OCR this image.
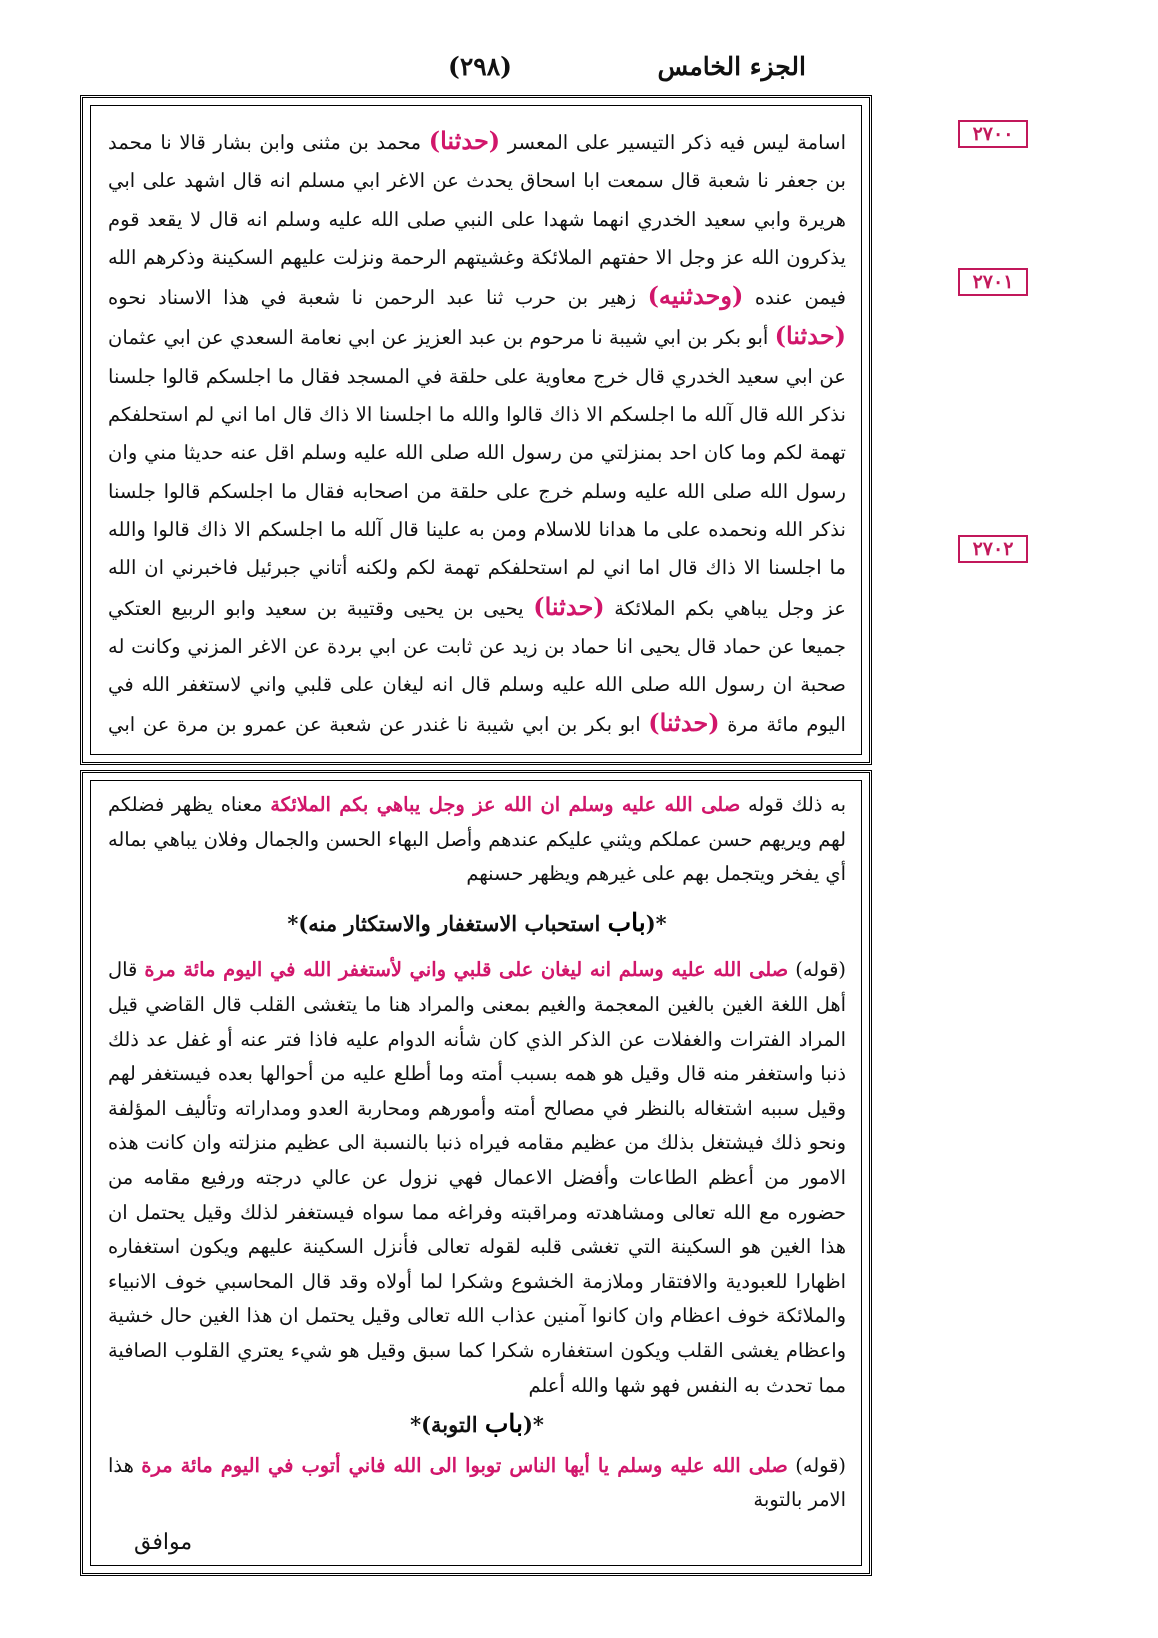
الجزء الخامس
(٢٩٨)
٢٧٠٠
٢٧٠١
٢٧٠٢
اسامة ليس فيه ذكر التيسير على المعسر (حدثنا) محمد بن مثنى وابن بشار قالا نا محمد بن جعفر نا شعبة قال سمعت ابا اسحاق يحدث عن الاغر ابي مسلم انه قال اشهد على ابي هريرة وابي سعيد الخدري انهما شهدا على النبي صلى الله عليه وسلم انه قال لا يقعد قوم يذكرون الله عز وجل الا حفتهم الملائكة وغشيتهم الرحمة ونزلت عليهم السكينة وذكرهم الله فيمن عنده (وحدثنيه) زهير بن حرب ثنا عبد الرحمن نا شعبة في هذا الاسناد نحوه (حدثنا) أبو بكر بن ابي شيبة نا مرحوم بن عبد العزيز عن ابي نعامة السعدي عن ابي عثمان عن ابي سعيد الخدري قال خرج معاوية على حلقة في المسجد فقال ما اجلسكم قالوا جلسنا نذكر الله قال آلله ما اجلسكم الا ذاك قالوا والله ما اجلسنا الا ذاك قال اما اني لم استحلفكم تهمة لكم وما كان احد بمنزلتي من رسول الله صلى الله عليه وسلم اقل عنه حديثا مني وان رسول الله صلى الله عليه وسلم خرج على حلقة من اصحابه فقال ما اجلسكم قالوا جلسنا نذكر الله ونحمده على ما هدانا للاسلام ومن به علينا قال آلله ما اجلسكم الا ذاك قالوا والله ما اجلسنا الا ذاك قال اما اني لم استحلفكم تهمة لكم ولكنه أتاني جبرئيل فاخبرني ان الله عز وجل يباهي بكم الملائكة (حدثنا) يحيى بن يحيى وقتيبة بن سعيد وابو الربيع العتكي جميعا عن حماد قال يحيى انا حماد بن زيد عن ثابت عن ابي بردة عن الاغر المزني وكانت له صحبة ان رسول الله صلى الله عليه وسلم قال انه ليغان على قلبي واني لاستغفر الله في اليوم مائة مرة (حدثنا) ابو بكر بن ابي شيبة نا غندر عن شعبة عن عمرو بن مرة عن ابي

به ذلك قوله صلى الله عليه وسلم ان الله عز وجل يباهي بكم الملائكة معناه يظهر فضلكم لهم ويريهم حسن عملكم ويثني عليكم عندهم وأصل البهاء الحسن والجمال وفلان يباهي بماله أي يفخر ويتجمل بهم على غيرهم ويظهر حسنهم

*(باب استحباب الاستغفار والاستكثار منه)*

(قوله) صلى الله عليه وسلم انه ليغان على قلبي واني لأستغفر الله في اليوم مائة مرة قال أهل اللغة الغين بالغين المعجمة والغيم بمعنى والمراد هنا ما يتغشى القلب قال القاضي قيل المراد الفترات والغفلات عن الذكر الذي كان شأنه الدوام عليه فاذا فتر عنه أو غفل عد ذلك ذنبا واستغفر منه قال وقيل هو همه بسبب أمته وما أطلع عليه من أحوالها بعده فيستغفر لهم وقيل سببه اشتغاله بالنظر في مصالح أمته وأمورهم ومحاربة العدو ومداراته وتأليف المؤلفة ونحو ذلك فيشتغل بذلك من عظيم مقامه فيراه ذنبا بالنسبة الى عظيم منزلته وان كانت هذه الامور من أعظم الطاعات وأفضل الاعمال فهي نزول عن عالي درجته ورفيع مقامه من حضوره مع الله تعالى ومشاهدته ومراقبته وفراغه مما سواه فيستغفر لذلك وقيل يحتمل ان هذا الغين هو السكينة التي تغشى قلبه لقوله تعالى فأنزل السكينة عليهم ويكون استغفاره اظهارا للعبودية والافتقار وملازمة الخشوع وشكرا لما أولاه وقد قال المحاسبي خوف الانبياء والملائكة خوف اعظام وان كانوا آمنين عذاب الله تعالى وقيل يحتمل ان هذا الغين حال خشية واعظام يغشى القلب ويكون استغفاره شكرا كما سبق وقيل هو شيء يعتري القلوب الصافية مما تحدث به النفس فهو شها والله أعلم

*(باب التوبة)*

(قوله) صلى الله عليه وسلم يا أيها الناس توبوا الى الله فاني أتوب في اليوم مائة مرة هذا الامر بالتوبة

موافق
